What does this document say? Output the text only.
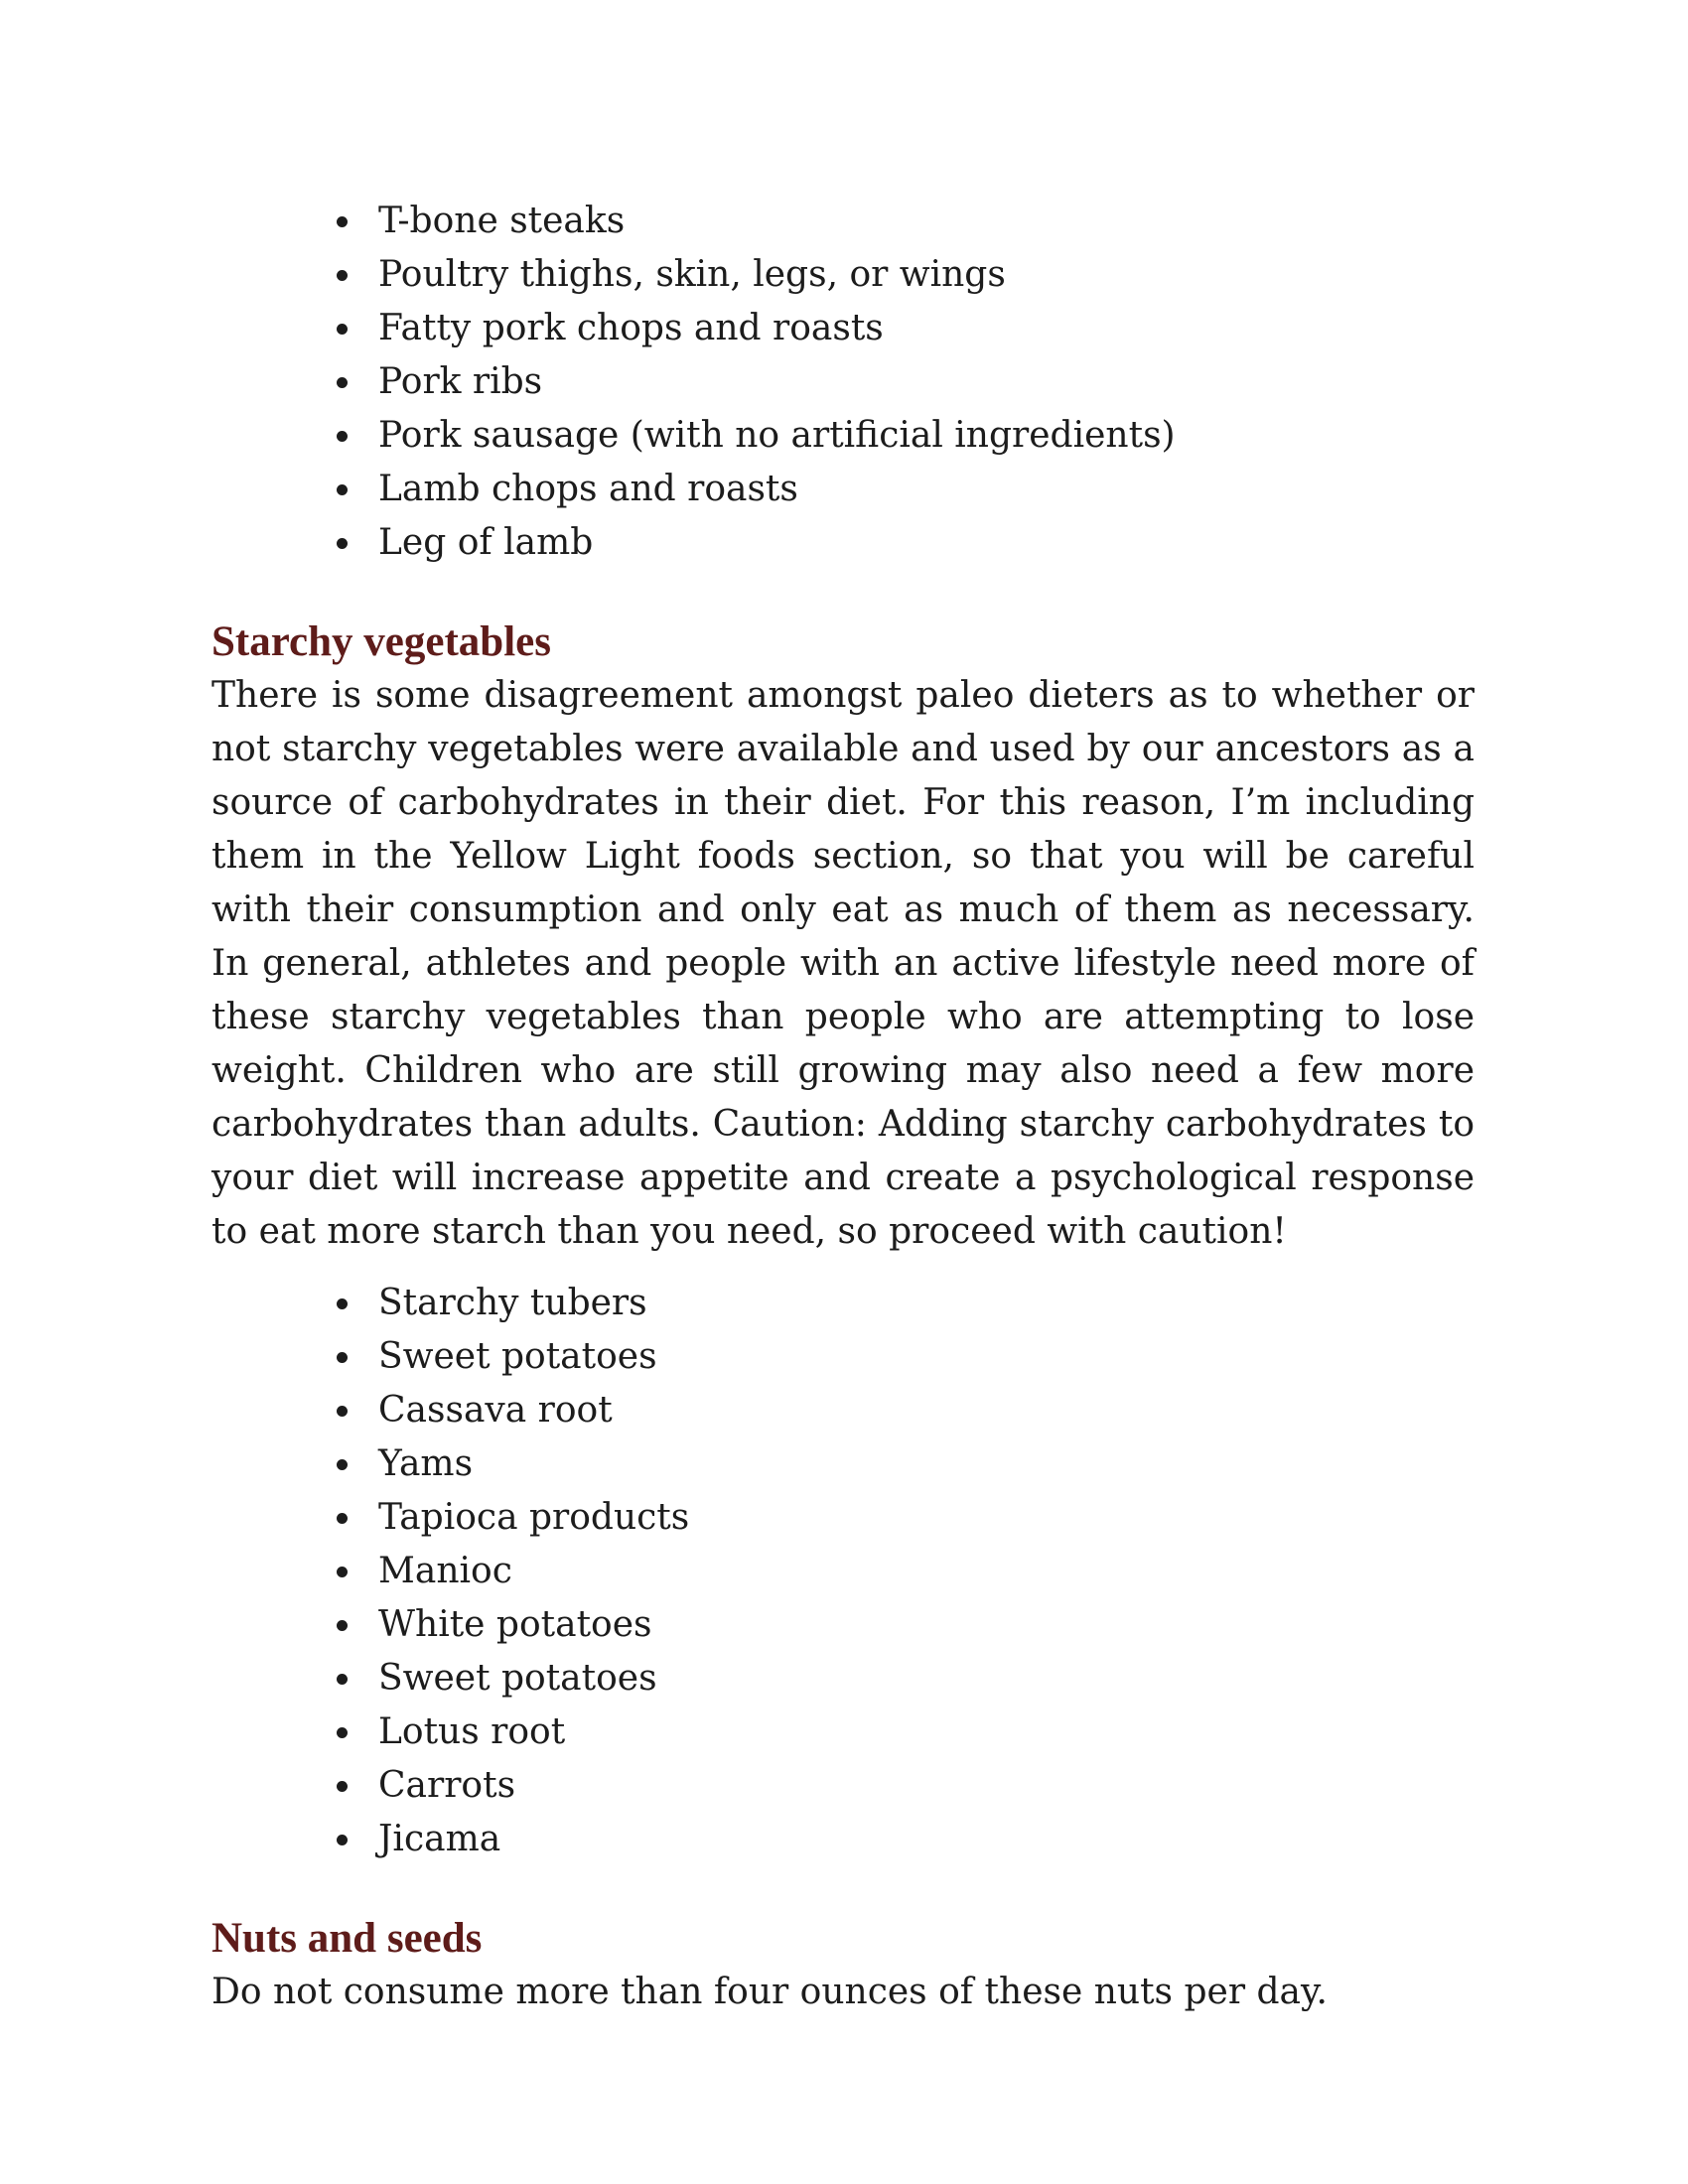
T-bone steaks
Poultry thighs, skin, legs, or wings
Fatty pork chops and roasts
Pork ribs
Pork sausage (with no artificial ingredients)
Lamb chops and roasts
Leg of lamb
Starchy vegetables

There is some disagreement amongst paleo dieters as to whether or not starchy vegetables were available and used by our ancestors as a source of carbohydrates in their diet. For this reason, I’m including them in the Yellow Light foods section, so that you will be careful with their consumption and only eat as much of them as necessary. In general, athletes and people with an active lifestyle need more of these starchy vegetables than people who are attempting to lose weight. Children who are still growing may also need a few more carbohydrates than adults. Caution: Adding starchy carbohydrates to your diet will increase appetite and create a psychological response to eat more starch than you need, so proceed with caution!

Starchy tubers
Sweet potatoes
Cassava root
Yams
Tapioca products
Manioc
White potatoes
Sweet potatoes
Lotus root
Carrots
Jicama
Nuts and seeds

Do not consume more than four ounces of these nuts per day.
